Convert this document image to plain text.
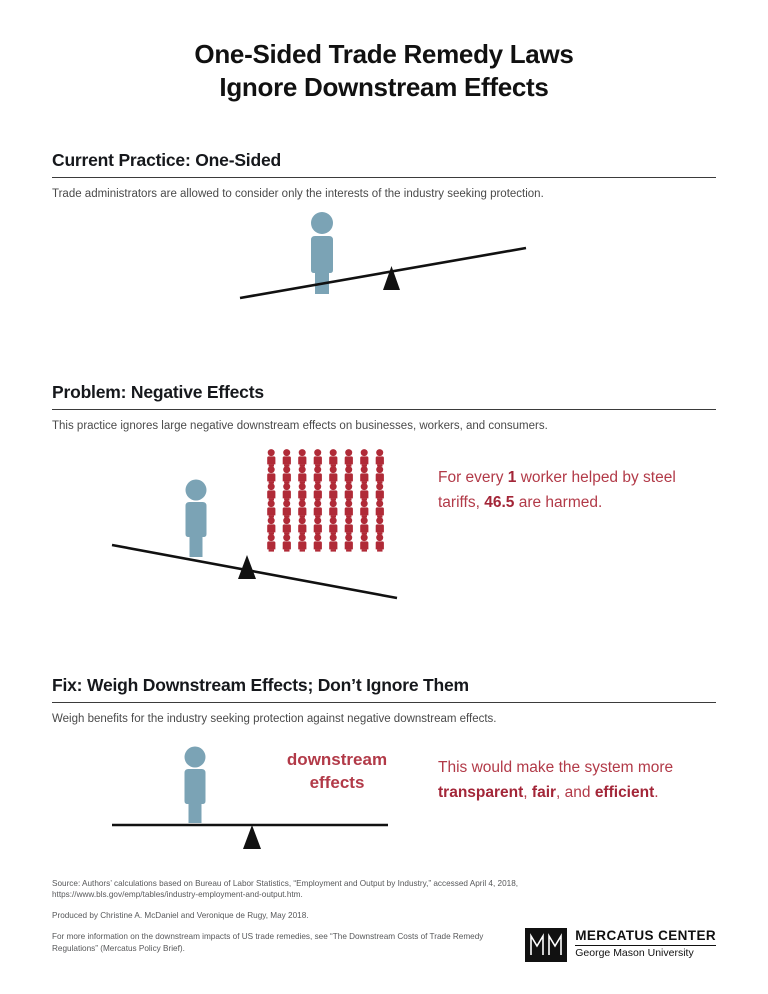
One-Sided Trade Remedy Laws
Ignore Downstream Effects
Current Practice: One-Sided
Trade administrators are allowed to consider only the interests of the industry seeking protection.
Problem: Negative Effects
This practice ignores large negative downstream effects on businesses, workers, and consumers.
For every 1 worker helped by steel tariffs, 46.5 are harmed.
Fix: Weigh Downstream Effects; Don’t Ignore Them
Weigh benefits for the industry seeking protection against negative downstream effects.
downstream
effects
This would make the system more transparent, fair, and efficient.
Source: Authors’ calculations based on Bureau of Labor Statistics, “Employment and Output by Industry,” accessed April 4, 2018, https://www.bls.gov/emp/tables/industry-employment-and-output.htm.
Produced by Christine A. McDaniel and Veronique de Rugy, May 2018.
For more information on the downstream impacts of US trade remedies, see “The Downstream Costs of Trade Remedy Regulations” (Mercatus Policy Brief).
MERCATUS CENTER
George Mason University
